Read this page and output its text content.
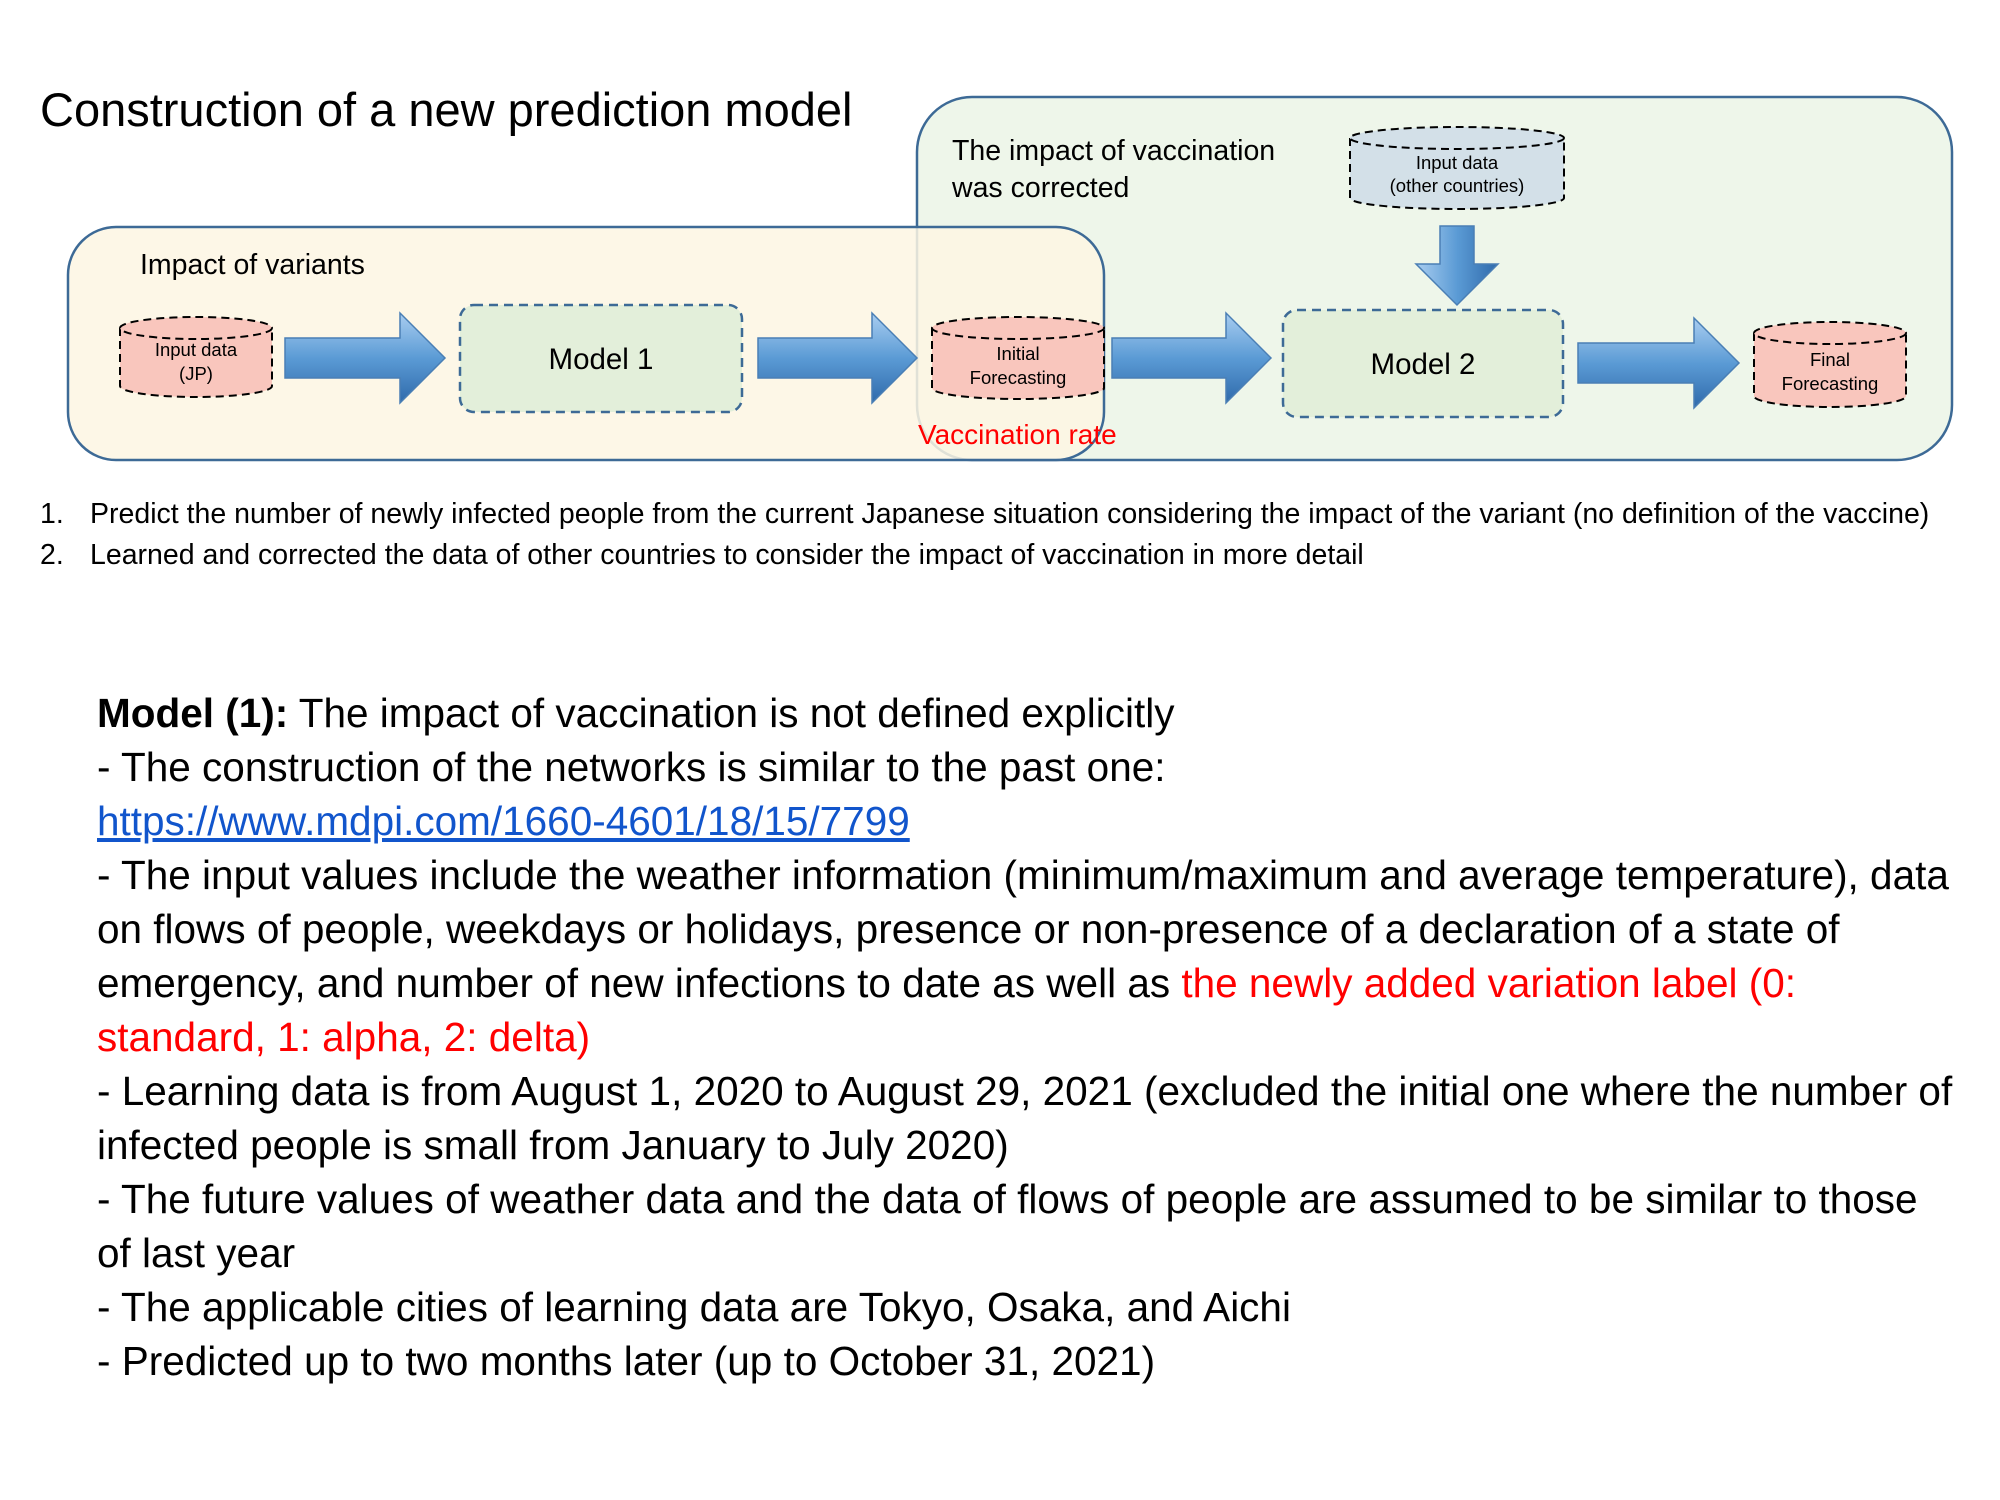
The impact of vaccination
was corrected
Impact of variants
Input data
(JP)	Model 1	Initial
Forecasting
Vaccination rate
Input data
(other countries)
Model 2	Final
Forecasting
Construction of a new prediction model
1. Predict the number of newly infected people from the current Japanese situation considering the impact of the variant (no definition of the vaccine)
2. Learned and corrected the data of other countries to consider the impact of vaccination in more detail
Model (1): The impact of vaccination is not defined explicitly
- The construction of the networks is similar to the past one:
https://www.mdpi.com/1660-4601/18/15/7799
- The input values include the weather information (minimum/maximum and average temperature), data on flows of people, weekdays or holidays, presence or non-presence of a declaration of a state of emergency, and number of new infections to date as well as the newly added variation label (0: standard, 1: alpha, 2: delta)
- Learning data is from August 1, 2020 to August 29, 2021 (excluded the initial one where the number of infected people is small from January to July 2020)
- The future values of weather data and the data of flows of people are assumed to be similar to those of last year
- The applicable cities of learning data are Tokyo, Osaka, and Aichi
- Predicted up to two months later (up to October 31, 2021)
